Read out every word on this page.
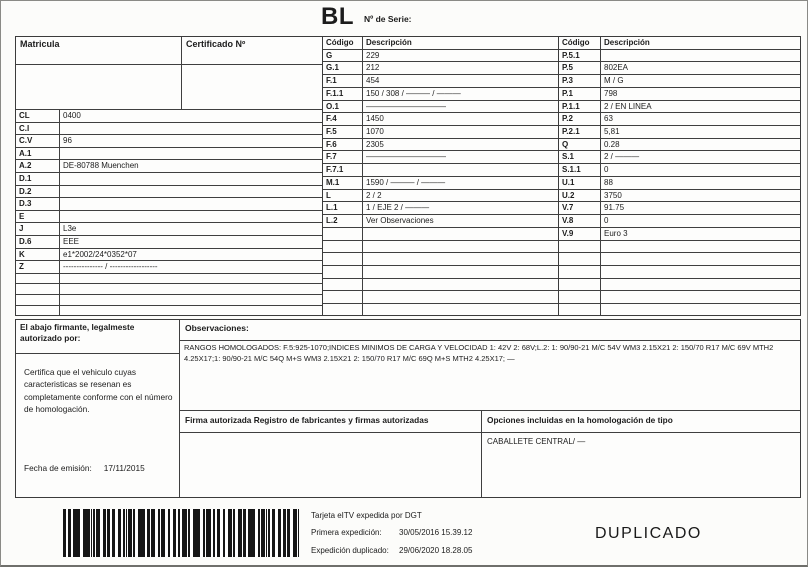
BL Nº de Serie:
Matricula	Certificado Nº
CL	0400
C.I
C.V	96
A.1
A.2	DE-80788 Muenchen
D.1
D.2
D.3
E
J	L3e
D.6	EEE
K	e1*2002/24*0352*07
Z	--------------- / ------------------
Código	Descripción
G	229
G.1	212
F.1	454
F.1.1	150 / 308 / ——— / ———
O.1	——————————
F.4	1450
F.5	1070
F.6	2305
F.7	——————————
F.7.1
M.1	1590 / ——— / ———
L	2 / 2
L.1	1 / EJE 2 / ———
L.2	Ver Observaciones
Código	Descripción
P.5.1
P.5	802EA
P.3	M / G
P.1	798
P.1.1	2 / EN LINEA
P.2	63
P.2.1	5,81
Q	0.28
S.1	2 / ———
S.1.1	0
U.1	88
U.2	3750
V.7	91.75
V.8	0
V.9	Euro 3
El abajo firmante, legalmeste autorizado por:
Certifica que el vehiculo cuyas caracteristicas se resenan es completamente conforme con el número de homologación.
Fecha de emisión: 17/11/2015
Observaciones:
RANGOS HOMOLOGADOS: F.5:925-1070;INDICES MINIMOS DE CARGA Y VELOCIDAD 1: 42V 2: 68V;L.2: 1: 90/90-21 M/C 54V WM3 2.15X21 2: 150/70 R17 M/C 69V MTH2 4.25X17;1: 90/90-21 M/C 54Q M+S WM3 2.15X21 2: 150/70 R17 M/C 69Q M+S MTH2 4.25X17; —
Firma autorizada Registro de fabricantes y firmas autorizadas	Opciones incluidas en la homologación de tipo
CABALLETE CENTRAL/ —
Tarjeta eITV expedida por DGT
Primera expedición:	30/05/2016 15.39.12
Expedición duplicado:	29/06/2020 18.28.05
DUPLICADO
